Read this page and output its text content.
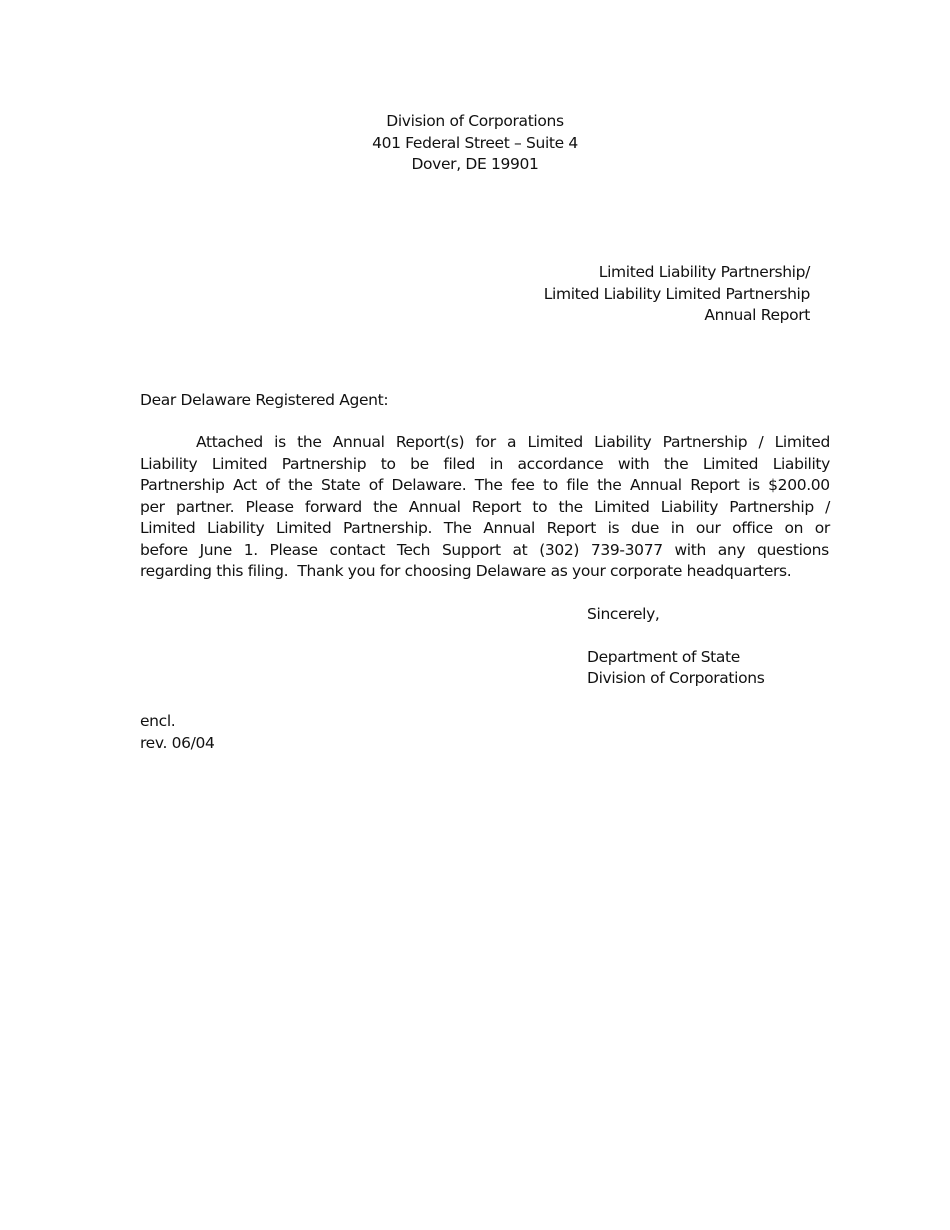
Division of Corporations
401 Federal Street – Suite 4
Dover, DE 19901
Limited Liability Partnership/
Limited Liability Limited Partnership
Annual Report
Dear Delaware Registered Agent:
Attached is the Annual Report(s) for a Limited Liability Partnership / Limited
Liability Limited Partnership to be filed in accordance with the Limited Liability
Partnership Act of the State of Delaware. The fee to file the Annual Report is $200.00
per partner. Please forward the Annual Report to the Limited Liability Partnership /
Limited Liability Limited Partnership. The Annual Report is due in our office on or
before June 1. Please contact Tech Support at (302) 739-3077 with any questions
regarding this filing.  Thank you for choosing Delaware as your corporate headquarters.
Sincerely,
Department of State
Division of Corporations
encl.
rev. 06/04
